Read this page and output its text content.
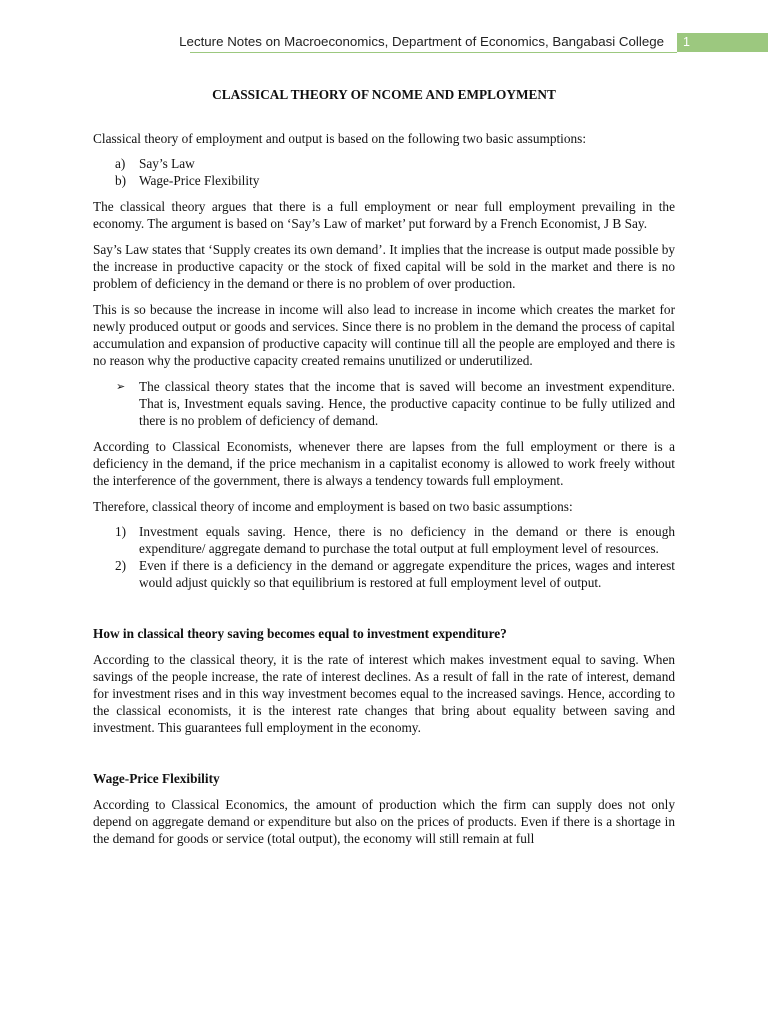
Lecture Notes on Macroeconomics, Department of Economics, Bangabasi College	1
CLASSICAL THEORY OF NCOME AND EMPLOYMENT

Classical theory of employment and output is based on the following two basic assumptions:

a) Say’s Law
b) Wage-Price Flexibility

The classical theory argues that there is a full employment or near full employment prevailing in the economy. The argument is based on ‘Say’s Law of market’ put forward by a French Economist, J B Say.

Say’s Law states that ‘Supply creates its own demand’. It implies that the increase is output made possible by the increase in productive capacity or the stock of fixed capital will be sold in the market and there is no problem of deficiency in the demand or there is no problem of over production.

This is so because the increase in income will also lead to increase in income which creates the market for newly produced output or goods and services. Since there is no problem in the demand the process of capital accumulation and expansion of productive capacity will continue till all the people are employed and there is no reason why the productive capacity created remains unutilized or underutilized.

➢ The classical theory states that the income that is saved will become an investment expenditure. That is, Investment equals saving. Hence, the productive capacity continue to be fully utilized and there is no problem of deficiency of demand.

According to Classical Economists, whenever there are lapses from the full employment or there is a deficiency in the demand, if the price mechanism in a capitalist economy is allowed to work freely without the interference of the government, there is always a tendency towards full employment.

Therefore, classical theory of income and employment is based on two basic assumptions:

1) Investment equals saving. Hence, there is no deficiency in the demand or there is enough expenditure/ aggregate demand to purchase the total output at full employment level of resources.
2) Even if there is a deficiency in the demand or aggregate expenditure the prices, wages and interest would adjust quickly so that equilibrium is restored at full employment level of output.
How in classical theory saving becomes equal to investment expenditure?

According to the classical theory, it is the rate of interest which makes investment equal to saving. When savings of the people increase, the rate of interest declines. As a result of fall in the rate of interest, demand for investment rises and in this way investment becomes equal to the increased savings. Hence, according to the classical economists, it is the interest rate changes that bring about equality between saving and investment. This guarantees full employment in the economy.

Wage-Price Flexibility

According to Classical Economics, the amount of production which the firm can supply does not only depend on aggregate demand or expenditure but also on the prices of products. Even if there is a shortage in the demand for goods or service (total output), the economy will still remain at full
